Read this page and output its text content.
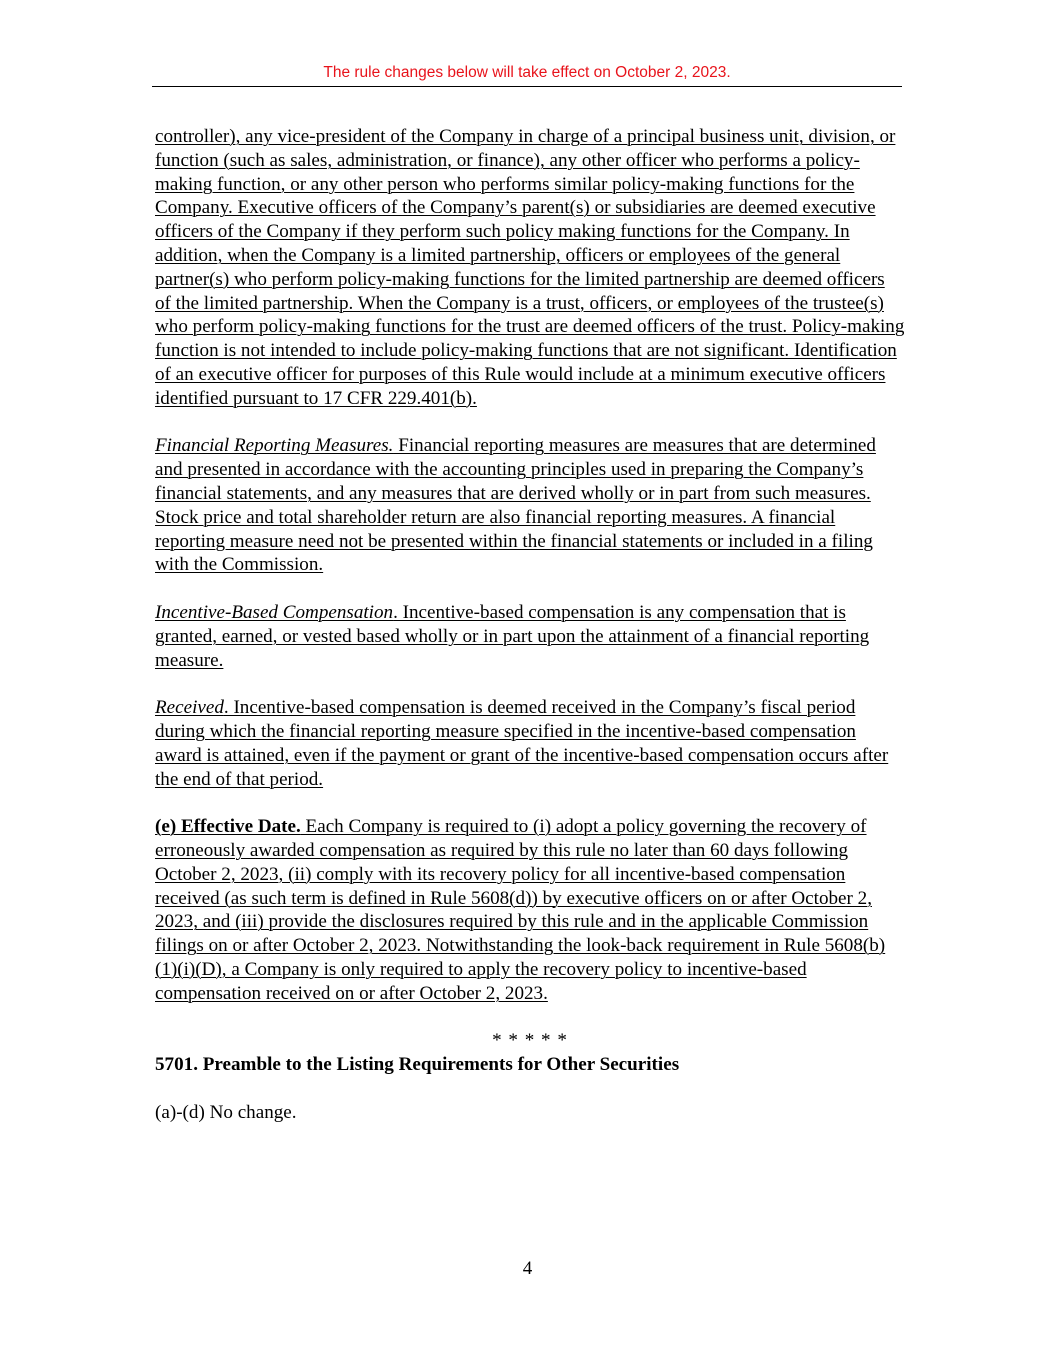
The rule changes below will take effect on October 2, 2023.

controller), any vice-president of the Company in charge of a principal business unit, division, or function (such as sales, administration, or finance), any other officer who performs a policy-making function, or any other person who performs similar policy-making functions for the Company. Executive officers of the Company’s parent(s) or subsidiaries are deemed executive officers of the Company if they perform such policy making functions for the Company. In addition, when the Company is a limited partnership, officers or employees of the general partner(s) who perform policy-making functions for the limited partnership are deemed officers of the limited partnership. When the Company is a trust, officers, or employees of the trustee(s) who perform policy-making functions for the trust are deemed officers of the trust. Policy-making function is not intended to include policy-making functions that are not significant. Identification of an executive officer for purposes of this Rule would include at a minimum executive officers identified pursuant to 17 CFR 229.401(b).

Financial Reporting Measures. Financial reporting measures are measures that are determined and presented in accordance with the accounting principles used in preparing the Company’s financial statements, and any measures that are derived wholly or in part from such measures. Stock price and total shareholder return are also financial reporting measures. A financial reporting measure need not be presented within the financial statements or included in a filing with the Commission.

Incentive-Based Compensation. Incentive-based compensation is any compensation that is granted, earned, or vested based wholly or in part upon the attainment of a financial reporting measure.

Received. Incentive-based compensation is deemed received in the Company’s fiscal period during which the financial reporting measure specified in the incentive-based compensation award is attained, even if the payment or grant of the incentive-based compensation occurs after the end of that period.

(e) Effective Date. Each Company is required to (i) adopt a policy governing the recovery of erroneously awarded compensation as required by this rule no later than 60 days following October 2, 2023, (ii) comply with its recovery policy for all incentive-based compensation received (as such term is defined in Rule 5608(d)) by executive officers on or after October 2, 2023, and (iii) provide the disclosures required by this rule and in the applicable Commission filings on or after October 2, 2023. Notwithstanding the look-back requirement in Rule 5608(b)(1)(i)(D), a Company is only required to apply the recovery policy to incentive-based compensation received on or after October 2, 2023.

* * * * *

5701. Preamble to the Listing Requirements for Other Securities

(a)-(d) No change.

4
